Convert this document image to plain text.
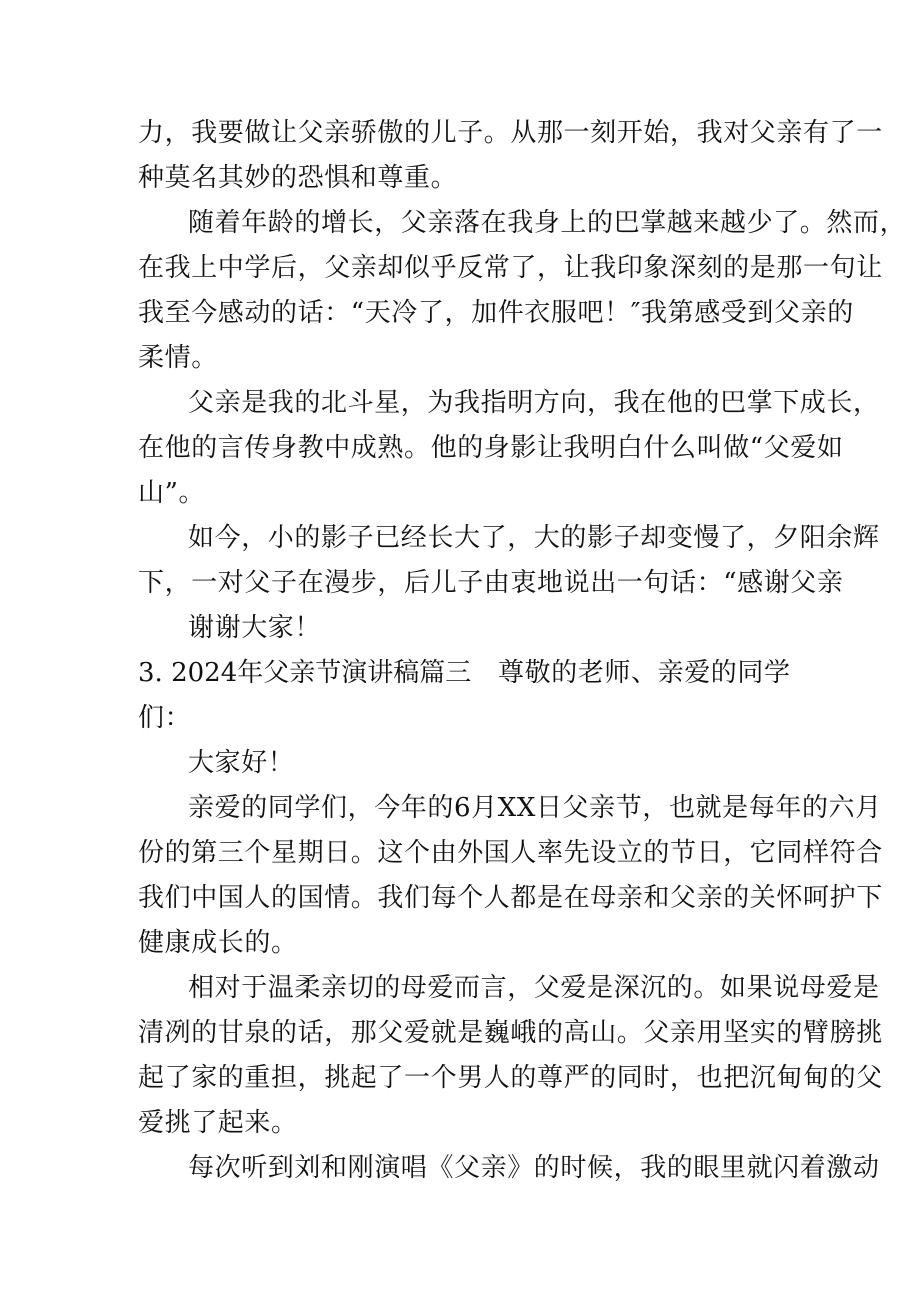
力，我要做让父亲骄傲的儿子。从那一刻开始，我对父亲有了一
种莫名其妙的恐惧和尊重。
随着年龄的增长，父亲落在我身上的巴掌越来越少了。然而，
在我上中学后，父亲却似乎反常了，让我印象深刻的是那一句让
我至今感动的话：“天冷了，加件衣服吧！″我第感受到父亲的
柔情。
父亲是我的北斗星，为我指明方向，我在他的巴掌下成长，
在他的言传身教中成熟。他的身影让我明白什么叫做“父爱如
山”。
如今，小的影子已经长大了，大的影子却变慢了，夕阳余辉
下，一对父子在漫步，后儿子由衷地说出一句话：“感谢父亲
谢谢大家！
3. 2024年父亲节演讲稿篇三	尊敬的老师、亲爱的同学
们：
大家好！
亲爱的同学们，今年的6月XX日父亲节，也就是每年的六月
份的第三个星期日。这个由外国人率先设立的节日，它同样符合
我们中国人的国情。我们每个人都是在母亲和父亲的关怀呵护下
健康成长的。
相对于温柔亲切的母爱而言，父爱是深沉的。如果说母爱是
清冽的甘泉的话，那父爱就是巍峨的高山。父亲用坚实的臂膀挑
起了家的重担，挑起了一个男人的尊严的同时，也把沉甸甸的父
爱挑了起来。
每次听到刘和刚演唱《父亲》的时候，我的眼里就闪着激动
